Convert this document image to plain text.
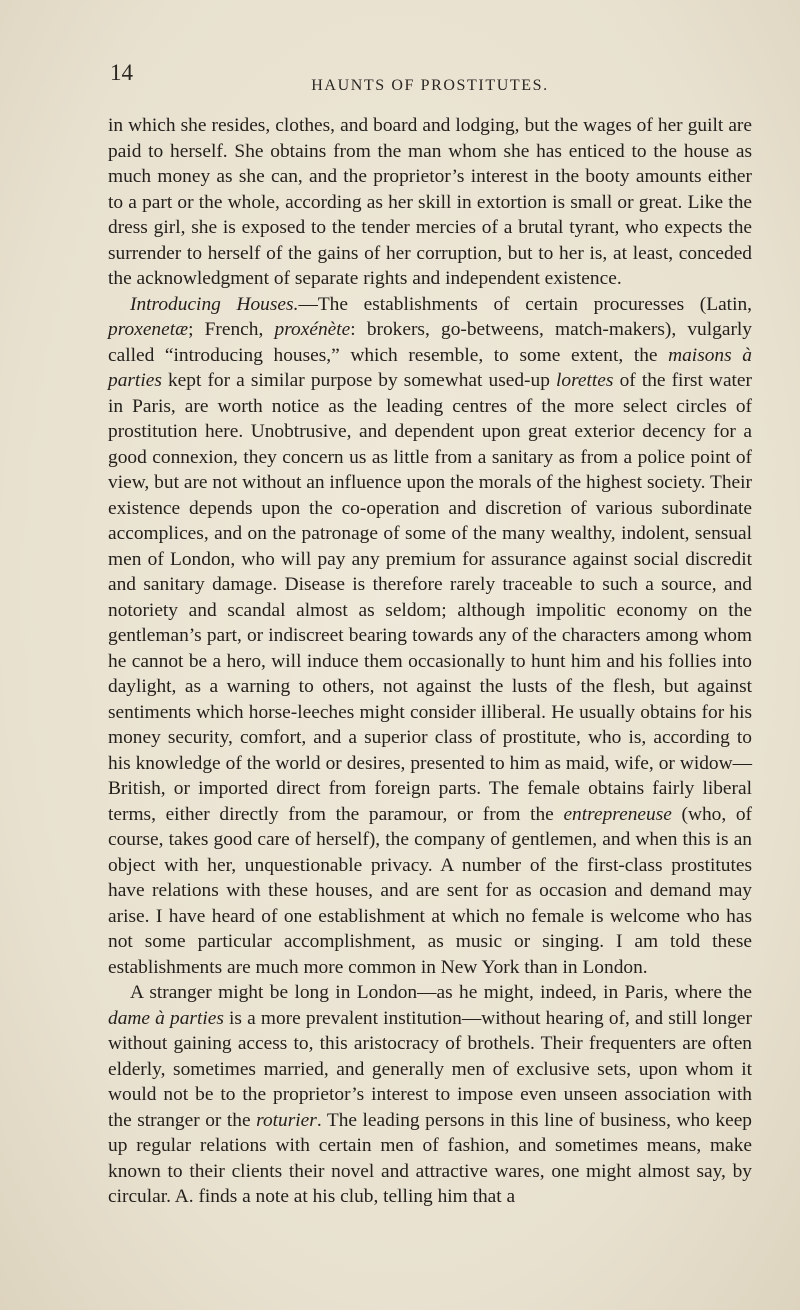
14
HAUNTS OF PROSTITUTES.

in which she resides, clothes, and board and lodging, but the wages of her guilt are paid to herself. She obtains from the man whom she has enticed to the house as much money as she can, and the proprietor’s interest in the booty amounts either to a part or the whole, according as her skill in extortion is small or great. Like the dress girl, she is exposed to the tender mercies of a brutal tyrant, who expects the surrender to herself of the gains of her corruption, but to her is, at least, conceded the acknowledgment of separate rights and independent existence.

Introducing Houses.—The establishments of certain procuresses (Latin, proxenetæ; French, proxénète: brokers, go-betweens, match-makers), vulgarly called “introducing houses,” which resemble, to some extent, the maisons à parties kept for a similar purpose by somewhat used-up lorettes of the first water in Paris, are worth notice as the leading centres of the more select circles of prostitution here. Unobtrusive, and dependent upon great exterior decency for a good connexion, they concern us as little from a sanitary as from a police point of view, but are not without an influence upon the morals of the highest society. Their existence depends upon the co-operation and discretion of various subordinate accomplices, and on the patronage of some of the many wealthy, indolent, sensual men of London, who will pay any premium for assurance against social discredit and sanitary damage. Disease is therefore rarely traceable to such a source, and notoriety and scandal almost as seldom; although impolitic economy on the gentleman’s part, or indiscreet bearing towards any of the characters among whom he cannot be a hero, will induce them occasionally to hunt him and his follies into daylight, as a warning to others, not against the lusts of the flesh, but against sentiments which horse-leeches might consider illiberal. He usually obtains for his money security, comfort, and a superior class of prostitute, who is, according to his knowledge of the world or desires, presented to him as maid, wife, or widow—British, or imported direct from foreign parts. The female obtains fairly liberal terms, either directly from the paramour, or from the entrepreneuse (who, of course, takes good care of herself), the company of gentlemen, and when this is an object with her, unquestionable privacy. A number of the first-class prostitutes have relations with these houses, and are sent for as occasion and demand may arise. I have heard of one establishment at which no female is welcome who has not some particular accomplishment, as music or singing. I am told these establishments are much more common in New York than in London.

A stranger might be long in London—as he might, indeed, in Paris, where the dame à parties is a more prevalent institution—without hearing of, and still longer without gaining access to, this aristocracy of brothels. Their frequenters are often elderly, sometimes married, and generally men of exclusive sets, upon whom it would not be to the proprietor’s interest to impose even unseen association with the stranger or the roturier. The leading persons in this line of business, who keep up regular relations with certain men of fashion, and sometimes means, make known to their clients their novel and attractive wares, one might almost say, by circular. A. finds a note at his club, telling him that a
